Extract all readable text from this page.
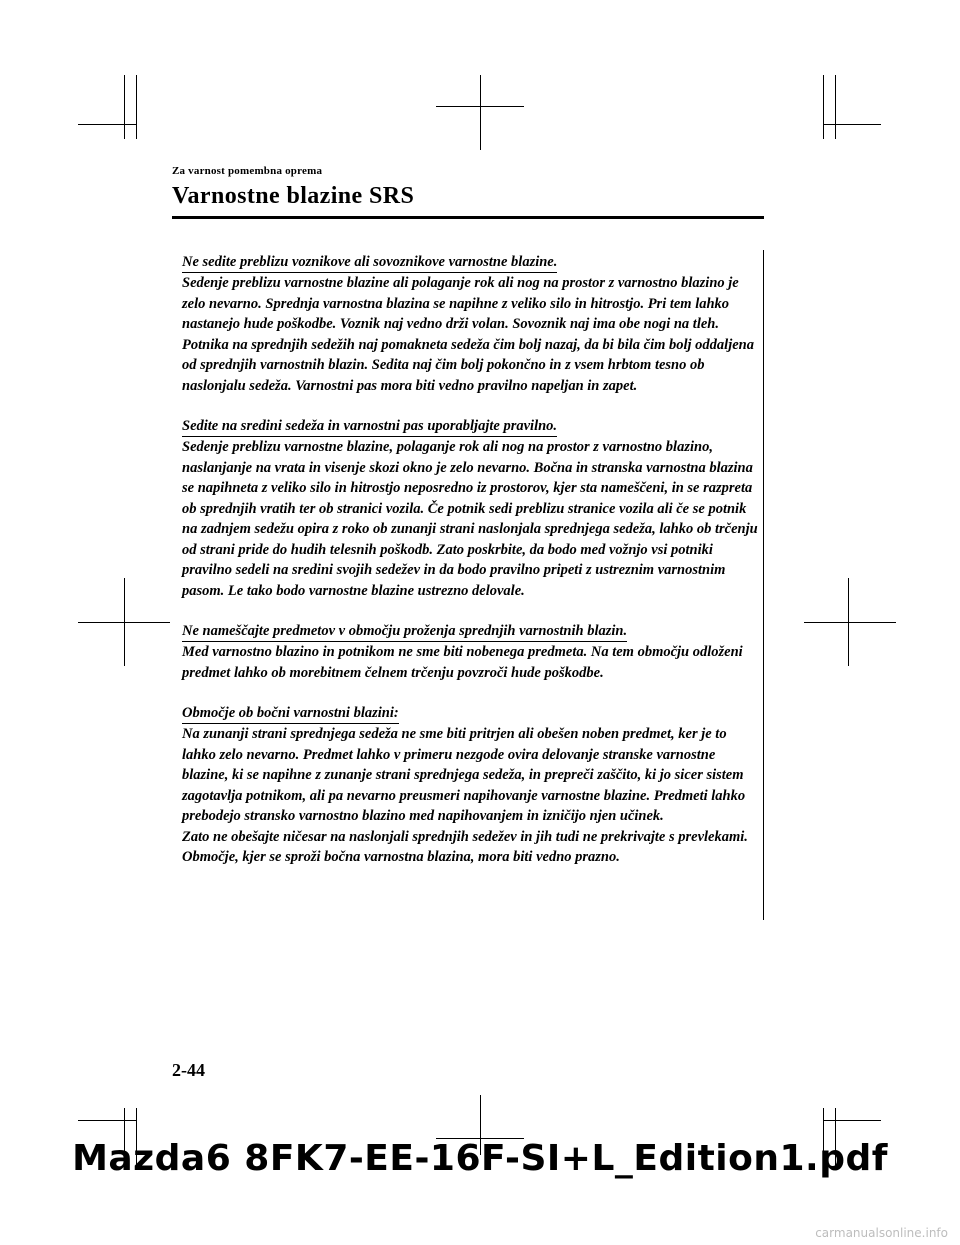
Za varnost pomembna oprema
Varnostne blazine SRS
Ne sedite preblizu voznikove ali sovoznikove varnostne blazine.

Sedenje preblizu varnostne blazine ali polaganje rok ali nog na prostor z varnostno blazino je zelo nevarno. Sprednja varnostna blazina se napihne z veliko silo in hitrostjo. Pri tem lahko nastanejo hude poškodbe. Voznik naj vedno drži volan. Sovoznik naj ima obe nogi na tleh. Potnika na sprednjih sedežih naj pomakneta sedeža čim bolj nazaj, da bi bila čim bolj oddaljena od sprednjih varnostnih blazin. Sedita naj čim bolj pokončno in z vsem hrbtom tesno ob naslonjalu sedeža. Varnostni pas mora biti vedno pravilno napeljan in zapet.

Sedite na sredini sedeža in varnostni pas uporabljajte pravilno.

Sedenje preblizu varnostne blazine, polaganje rok ali nog na prostor z varnostno blazino, naslanjanje na vrata in visenje skozi okno je zelo nevarno. Bočna in stranska varnostna blazina se napihneta z veliko silo in hitrostjo neposredno iz prostorov, kjer sta nameščeni, in se razpreta ob sprednjih vratih ter ob stranici vozila. Če potnik sedi preblizu stranice vozila ali če se potnik na zadnjem sedežu opira z roko ob zunanji strani naslonjala sprednjega sedeža, lahko ob trčenju od strani pride do hudih telesnih poškodb. Zato poskrbite, da bodo med vožnjo vsi potniki pravilno sedeli na sredini svojih sedežev in da bodo pravilno pripeti z ustreznim varnostnim pasom. Le tako bodo varnostne blazine ustrezno delovale.

Ne nameščajte predmetov v območju proženja sprednjih varnostnih blazin.

Med varnostno blazino in potnikom ne sme biti nobenega predmeta. Na tem območju odloženi predmet lahko ob morebitnem čelnem trčenju povzroči hude poškodbe.

Območje ob bočni varnostni blazini:

Na zunanji strani sprednjega sedeža ne sme biti pritrjen ali obešen noben predmet, ker je to lahko zelo nevarno. Predmet lahko v primeru nezgode ovira delovanje stranske varnostne blazine, ki se napihne z zunanje strani sprednjega sedeža, in prepreči zaščito, ki jo sicer sistem zagotavlja potnikom, ali pa nevarno preusmeri napihovanje varnostne blazine. Predmeti lahko prebodejo stransko varnostno blazino med napihovanjem in izničijo njen učinek.

Zato ne obešajte ničesar na naslonjali sprednjih sedežev in jih tudi ne prekrivajte s prevlekami. Območje, kjer se sproži bočna varnostna blazina, mora biti vedno prazno.

2-44
Mazda6 8FK7-EE-16F-SI+L_Edition1.pdf
carmanualsonline.info
